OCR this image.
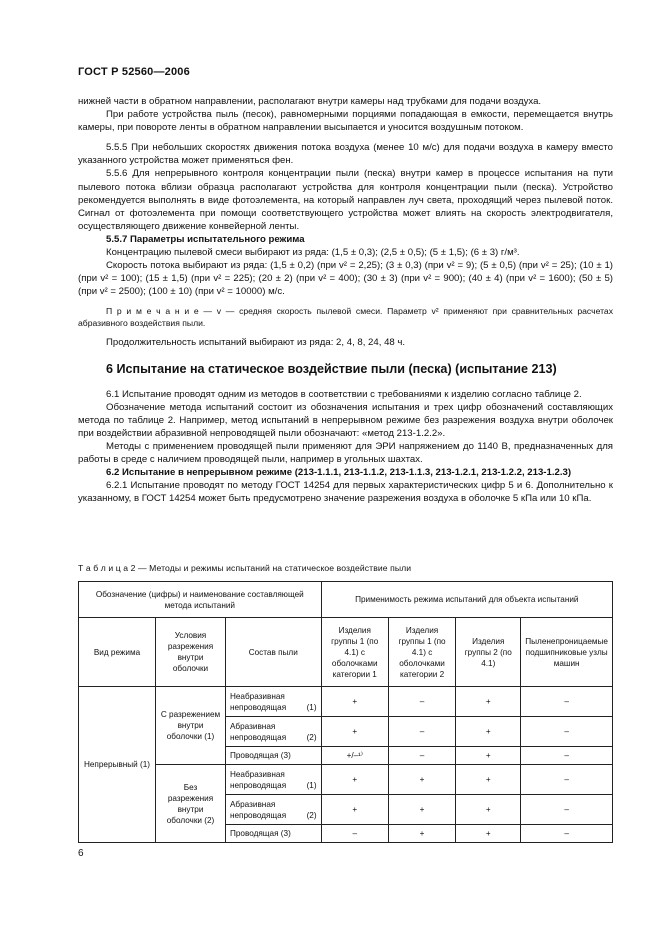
ГОСТ Р 52560—2006

нижней части в обратном направлении, располагают внутри камеры над трубками для подачи воздуха.

При работе устройства пыль (песок), равномерными порциями попадающая в емкости, перемещается внутрь камеры, при повороте ленты в обратном направлении высыпается и уносится воздушным потоком.

5.5.5 При небольших скоростях движения потока воздуха (менее 10 м/с) для подачи воздуха в камеру вместо указанного устройства может применяться фен.

5.5.6 Для непрерывного контроля концентрации пыли (песка) внутри камер в процессе испытания на пути пылевого потока вблизи образца располагают устройства для контроля концентрации пыли (песка). Устройство рекомендуется выполнять в виде фотоэлемента, на который направлен луч света, проходящий через пылевой поток. Сигнал от фотоэлемента при помощи соответствующего устройства может влиять на скорость электродвигателя, осуществляющего движение конвейерной ленты.

5.5.7 Параметры испытательного режима

Концентрацию пылевой смеси выбирают из ряда: (1,5 ± 0,3); (2,5 ± 0,5); (5 ± 1,5); (6 ± 3) г/м³.

Скорость потока выбирают из ряда: (1,5 ± 0,2) (при v² = 2,25); (3 ± 0,3) (при v² = 9); (5 ± 0,5) (при v² = 25); (10 ± 1) (при v² = 100); (15 ± 1,5) (при v² = 225); (20 ± 2) (при v² = 400); (30 ± 3) (при v² = 900); (40 ± 4) (при v² = 1600); (50 ± 5) (при v² = 2500); (100 ± 10) (при v² = 10000) м/с.

П р и м е ч а н и е — v — средняя скорость пылевой смеси. Параметр v² применяют при сравнительных расчетах абразивного воздействия пыли.

Продолжительность испытаний выбирают из ряда: 2, 4, 8, 24, 48 ч.

6 Испытание на статическое воздействие пыли (песка) (испытание 213)

6.1 Испытание проводят одним из методов в соответствии с требованиями к изделию согласно таблице 2.

Обозначение метода испытаний состоит из обозначения испытания и трех цифр обозначений составляющих метода по таблице 2. Например, метод испытаний в непрерывном режиме без разрежения воздуха внутри оболочек при воздействии абразивной непроводящей пыли обозначают: «метод 213-1.2.2».

Методы с применением проводящей пыли применяют для ЭРИ напряжением до 1140 В, предназначенных для работы в среде с наличием проводящей пыли, например в угольных шахтах.

6.2 Испытание в непрерывном режиме (213-1.1.1, 213-1.1.2, 213-1.1.3, 213-1.2.1, 213-1.2.2, 213-1.2.3)

6.2.1 Испытание проводят по методу ГОСТ 14254 для первых характеристических цифр 5 и 6. Дополнительно к указанному, в ГОСТ 14254 может быть предусмотрено значение разрежения воздуха в оболочке 5 кПа или 10 кПа.

Т а б л и ц а 2 — Методы и режимы испытаний на статическое воздействие пыли
Обозначение (цифры) и наименование составляющей метода испытаний			Применимость режима испытаний для объекта испытаний			
Вид режима	Условия разрежения внутри оболочки	Состав пыли	Изделия группы 1 (по 4.1) с оболочками категории 1	Изделия группы 1 (по 4.1) с оболочками категории 2	Изделия группы 2 (по 4.1)	Пыленепроницаемые подшипниковые узлы машин
Непрерывный (1)	С разрежением внутри оболочки (1)	Неабразивная непроводящая (1)	+	–	+	–
		Абразивная непроводящая (2)	+	–	+	–
		Проводящая (3)	+/–¹⁾	–	+	–
	Без разрежения внутри оболочки (2)	Неабразивная непроводящая (1)	+	+	+	–
		Абразивная непроводящая (2)	+	+	+	–
		Проводящая (3)	–	+	+	–
6
